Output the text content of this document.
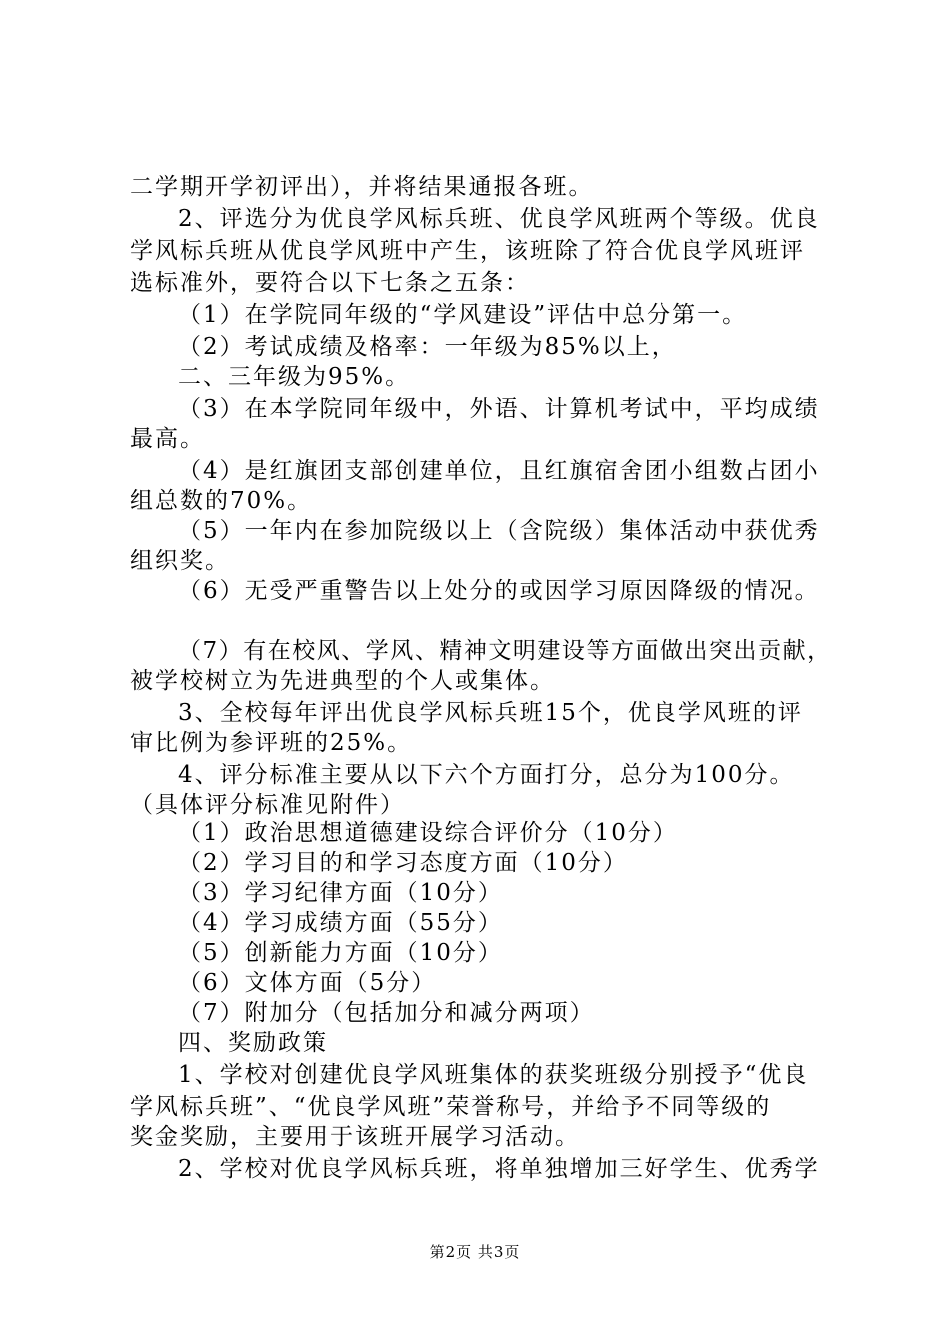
二学期开学初评出），并将结果通报各班。
2、评选分为优良学风标兵班、优良学风班两个等级。优良
学风标兵班从优良学风班中产生，该班除了符合优良学风班评
选标准外，要符合以下七条之五条：
（1）在学院同年级的“学风建设”评估中总分第一。
（2）考试成绩及格率：一年级为85%以上，
二、三年级为95%。
（3）在本学院同年级中，外语、计算机考试中，平均成绩
最高。
（4）是红旗团支部创建单位，且红旗宿舍团小组数占团小
组总数的70%。
（5）一年内在参加院级以上（含院级）集体活动中获优秀
组织奖。
（6）无受严重警告以上处分的或因学习原因降级的情况。
（7）有在校风、学风、精神文明建设等方面做出突出贡献，
被学校树立为先进典型的个人或集体。
3、全校每年评出优良学风标兵班15个，优良学风班的评
审比例为参评班的25%。
4、评分标准主要从以下六个方面打分，总分为100分。
（具体评分标准见附件）
（1）政治思想道德建设综合评价分（10分）
（2）学习目的和学习态度方面（10分）
（3）学习纪律方面（10分）
（4）学习成绩方面（55分）
（5）创新能力方面（10分）
（6）文体方面（5分）
（7）附加分（包括加分和减分两项）
四、奖励政策
1、学校对创建优良学风班集体的获奖班级分别授予“优良
学风标兵班”、“优良学风班”荣誉称号，并给予不同等级的
奖金奖励，主要用于该班开展学习活动。
2、学校对优良学风标兵班，将单独增加三好学生、优秀学
第2页 共3页
